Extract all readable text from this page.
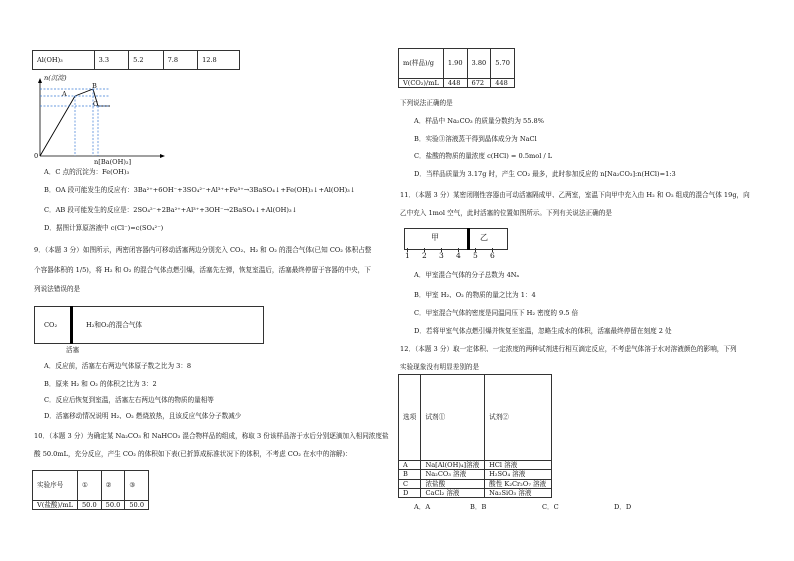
Al(OH)₃	3.3	5.2	7.8	12.8
n(沉淀)
n[Ba(OH)₂]
0
A
B
C
A．C 点的沉淀为：Fe(OH)₃
B．OA 段可能发生的反应有：3Ba²⁺+6OH⁻+3SO₄²⁻+Al³⁺+Fe³⁺→3BaSO₄↓+Fe(OH)₃↓+Al(OH)₃↓
C．AB 段可能发生的反应是：2SO₄²⁻+2Ba²⁺+Al³⁺+3OH⁻→2BaSO₄↓+Al(OH)₃↓
D．据图计算原溶液中 c(Cl⁻)=c(SO₄²⁻)
9．（本题 3 分）如图所示，两密闭容器内可移动活塞两边分别充入 CO₂、H₂ 和 O₂ 的混合气体(已知 CO₂ 体积占整
个容器体积的 1/5)，将 H₂ 和 O₂ 的混合气体点燃引爆，活塞先左弹，恢复室温后，活塞最终停留于容器的中央，下
列说法错误的是
CO₂	H₂和O₂的混合气体
活塞
A．反应前，活塞左右两边气体原子数之比为 3：8
B．原来 H₂ 和 O₂ 的体积之比为 3：2
C．反应后恢复到室温，活塞左右两边气体的物质的量相等
D．活塞移动情况说明 H₂、O₂ 燃烧放热，且该反应气体分子数减少
10．（本题 3 分）为确定某 Na₂CO₃ 和 NaHCO₃ 混合物样品的组成，称取 3 份该样品溶于水后分别逐滴加入相同浓度盐
酸 50.0mL，充分反应，产生 CO₂ 的体积如下表(已折算成标准状况下的体积，不考虑 CO₂ 在水中的溶解)：
实验序号	①	②	③
V(盐酸)/mL	50.0	50.0	50.0
m(样品)/g	1.90	3.80	5.70
V(CO₂)/mL	448	672	448
下列说法正确的是
A．样品中 Na₂CO₃ 的质量分数约为 55.8%
B．实验③溶液蒸干得到晶体成分为 NaCl
C．盐酸的物质的量浓度 c(HCl) = 0.5mol / L
D．当样品质量为 3.17g 时，产生 CO₂ 最多，此时参加反应的 n[Na₂CO₃]:n(HCl)=1:3
11．（本题 3 分）某密闭刚性容器由可动活塞隔成甲、乙两室，室温下向甲中充入由 H₂ 和 O₂ 组成的混合气体 19g，向
乙中充入 1mol 空气，此时活塞的位置如图所示。下列有关说法正确的是
甲	乙
1 2 3 4 5 6
A．甲室混合气体的分子总数为 4Nₐ
B．甲室 H₂、O₂ 的物质的量之比为 1：4
C．甲室混合气体的密度是同温同压下 H₂ 密度的 9.5 倍
D．若将甲室气体点燃引爆并恢复至室温，忽略生成水的体积，活塞最终停留在刻度 2 处
12．（本题 3 分）取一定体积、一定浓度的两种试剂进行相互滴定反应，不考虑气体溶于水对溶液颜色的影响，下列
实验现象没有明显差别的是
选项	试剂①	试剂②
A	Na[Al(OH)₄]溶液	HCl 溶液
B	Na₂CO₃ 溶液	H₂SO₄ 溶液
C	浓盐酸	酸性 K₂Cr₂O₇ 溶液
D	CaCl₂ 溶液	Na₂SiO₃ 溶液
A．A	B．B	C．C	D．D
